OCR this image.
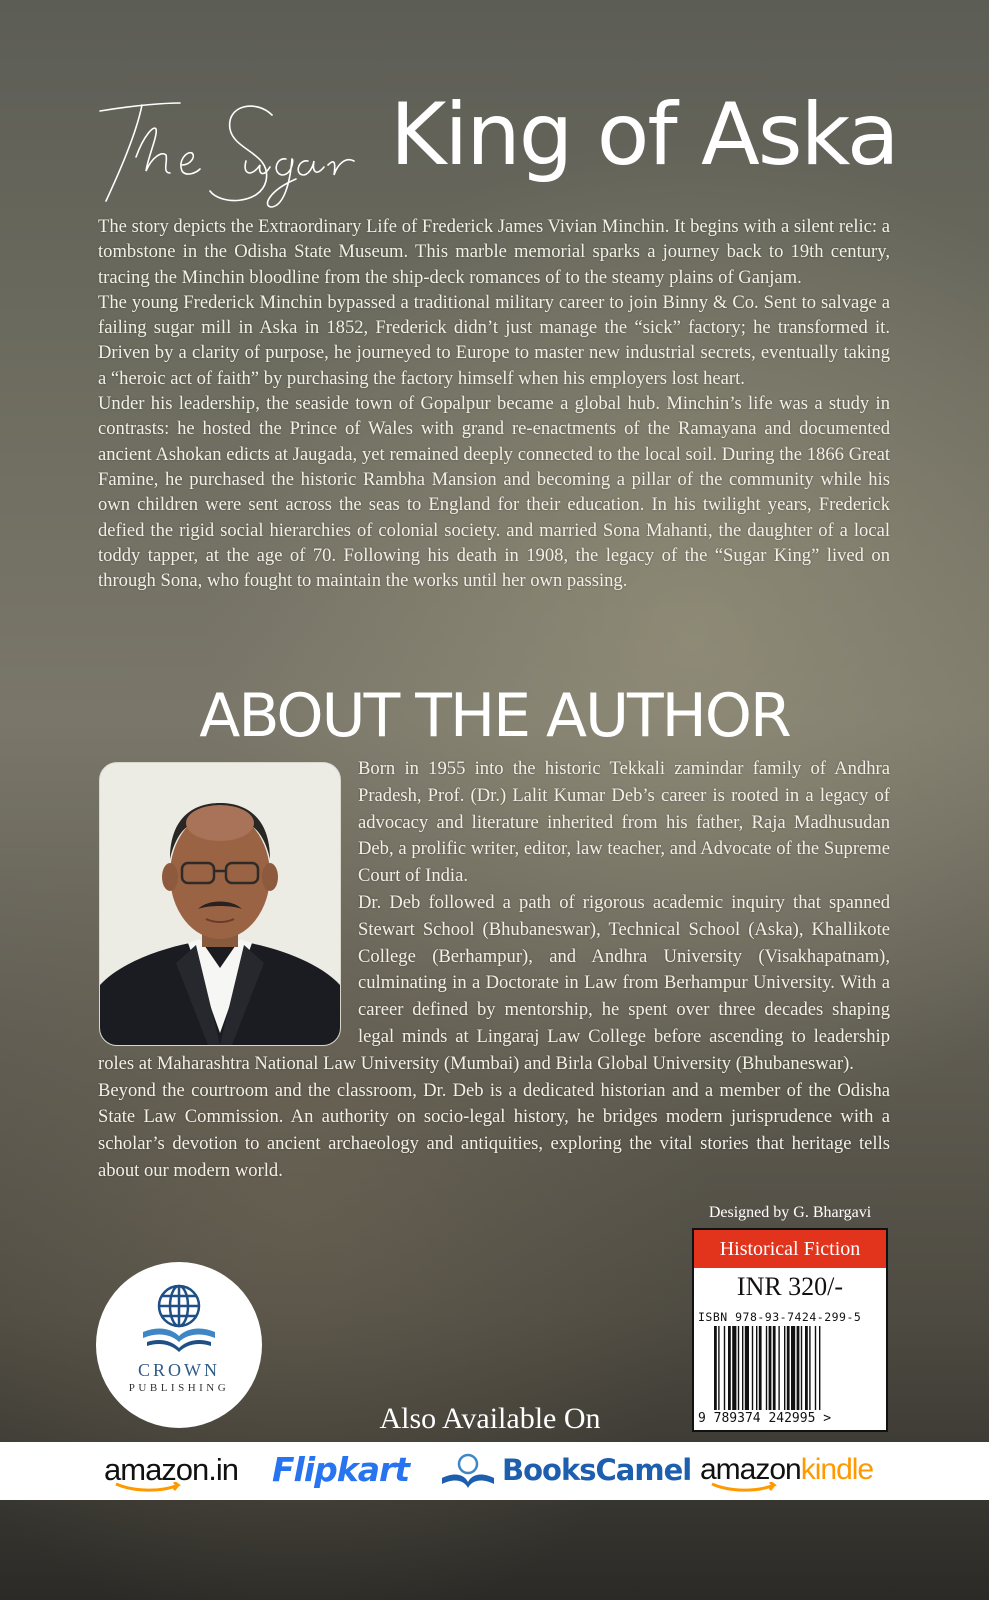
King of Aska

The story depicts the Extraordinary Life of Frederick James Vivian Minchin. It begins with a silent relic: a tombstone in the Odisha State Museum. This marble memorial sparks a journey back to 19th century, tracing the Minchin bloodline from the ship-deck romances of to the steamy plains of Ganjam.

The young Frederick Minchin bypassed a traditional military career to join Binny & Co. Sent to salvage a failing sugar mill in Aska in 1852, Frederick didn’t just manage the “sick” factory; he transformed it. Driven by a clarity of purpose, he journeyed to Europe to master new industrial secrets, eventually taking a “heroic act of faith” by purchasing the factory himself when his employers lost heart.

Under his leadership, the seaside town of Gopalpur became a global hub. Minchin’s life was a study in contrasts: he hosted the Prince of Wales with grand re-enactments of the Ramayana and documented ancient Ashokan edicts at Jaugada, yet remained deeply connected to the local soil. During the 1866 Great Famine, he purchased the historic Rambha Mansion and becoming a pillar of the community while his own children were sent across the seas to England for their education. In his twilight years, Frederick defied the rigid social hierarchies of colonial society. and married Sona Mahanti, the daughter of a local toddy tapper, at the age of 70. Following his death in 1908, the legacy of the “Sugar King” lived on through Sona, who fought to maintain the works until her own passing.

ABOUT THE AUTHOR

Born in 1955 into the historic Tekkali zamindar family of Andhra Pradesh, Prof. (Dr.) Lalit Kumar Deb’s career is rooted in a legacy of advocacy and literature inherited from his father, Raja Madhusudan Deb, a prolific writer, editor, law teacher, and Advocate of the Supreme Court of India.

Dr. Deb followed a path of rigorous academic inquiry that spanned Stewart School (Bhubaneswar), Technical School (Aska), Khallikote College (Berhampur), and Andhra University (Visakhapatnam), culminating in a Doctorate in Law from Berhampur University. With a career defined by mentorship, he spent over three decades shaping legal minds at Lingaraj Law College before ascending to leadership roles at Maharashtra National Law University (Mumbai) and Birla Global University (Bhubaneswar).

Beyond the courtroom and the classroom, Dr. Deb is a dedicated historian and a member of the Odisha State Law Commission. An authority on socio-legal history, he bridges modern jurisprudence with a scholar’s devotion to ancient archaeology and antiquities, exploring the vital stories that heritage tells about our modern world.

Designed by G. Bhargavi
Historical Fiction
INR 320/-
ISBN 978-93-7424-299-5
9 789374 242995 >
CROWN
PUBLISHING
Also Available On
amazon.in Flipkart	BooksCamel amazonkindle
